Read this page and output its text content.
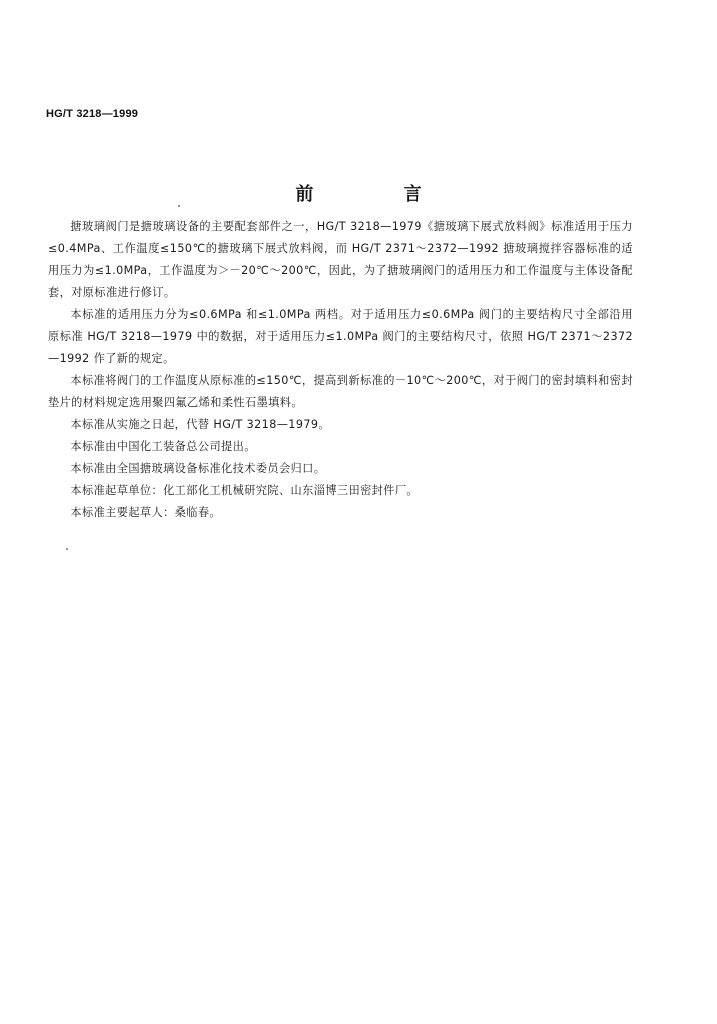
HG/T 3218—1999
前 言

搪玻璃阀门是搪玻璃设备的主要配套部件之一，HG/T 3218—1979《搪玻璃下展式放料阀》标准适用于压力≤0.4MPa、工作温度≤150℃的搪玻璃下展式放料阀，而 HG/T 2371～2372—1992 搪玻璃搅拌容器标准的适用压力为≤1.0MPa，工作温度为＞－20℃～200℃，因此，为了搪玻璃阀门的适用压力和工作温度与主体设备配套，对原标准进行修订。

本标准的适用压力分为≤0.6MPa 和≤1.0MPa 两档。对于适用压力≤0.6MPa 阀门的主要结构尺寸全部沿用原标准 HG/T 3218—1979 中的数据，对于适用压力≤1.0MPa 阀门的主要结构尺寸，依照 HG/T 2371～2372—1992 作了新的规定。

本标准将阀门的工作温度从原标准的≤150℃，提高到新标准的－10℃～200℃，对于阀门的密封填料和密封垫片的材料规定选用聚四氟乙烯和柔性石墨填料。

本标准从实施之日起，代替 HG/T 3218—1979。

本标准由中国化工装备总公司提出。

本标准由全国搪玻璃设备标准化技术委员会归口。

本标准起草单位：化工部化工机械研究院、山东淄博三田密封件厂。

本标准主要起草人：桑临春。
